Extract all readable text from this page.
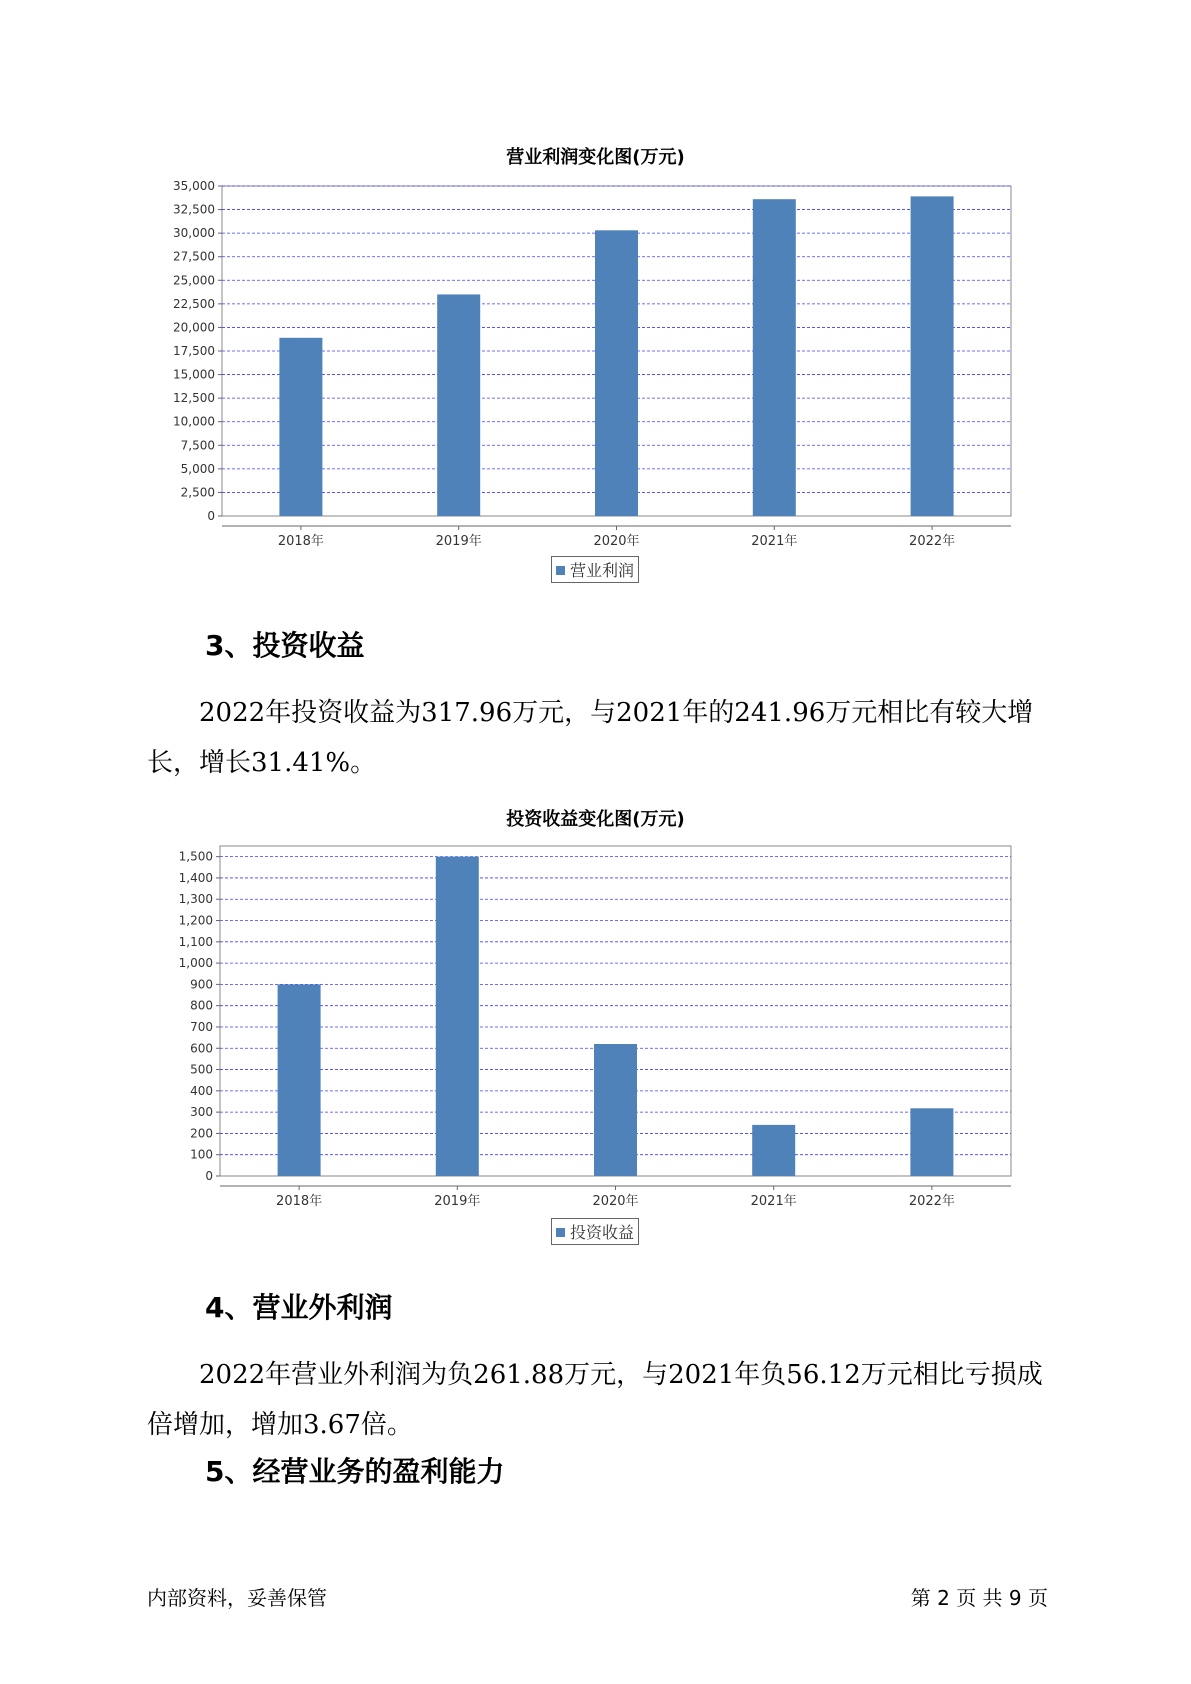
营业利润变化图(万元)
0
2,500
5,000
7,500
10,000
12,500
15,000
17,500
20,000
22,500
25,000
27,500
30,000
32,500
35,000
2018年	2019年	2020年	2021年	2022年
营业利润
3、投资收益

2022年投资收益为317.96万元，与2021年的241.96万元相比有较大增长，增长31.41%。

投资收益变化图(万元)
0
100
200
300
400
500
600
700
800
900
1,000
1,100
1,200
1,300
1,400
1,500
2018年	2019年	2020年	2021年	2022年
投资收益
4、营业外利润

2022年营业外利润为负261.88万元，与2021年负56.12万元相比亏损成倍增加，增加3.67倍。

5、经营业务的盈利能力
内部资料，妥善保管	第 2 页 共 9 页
